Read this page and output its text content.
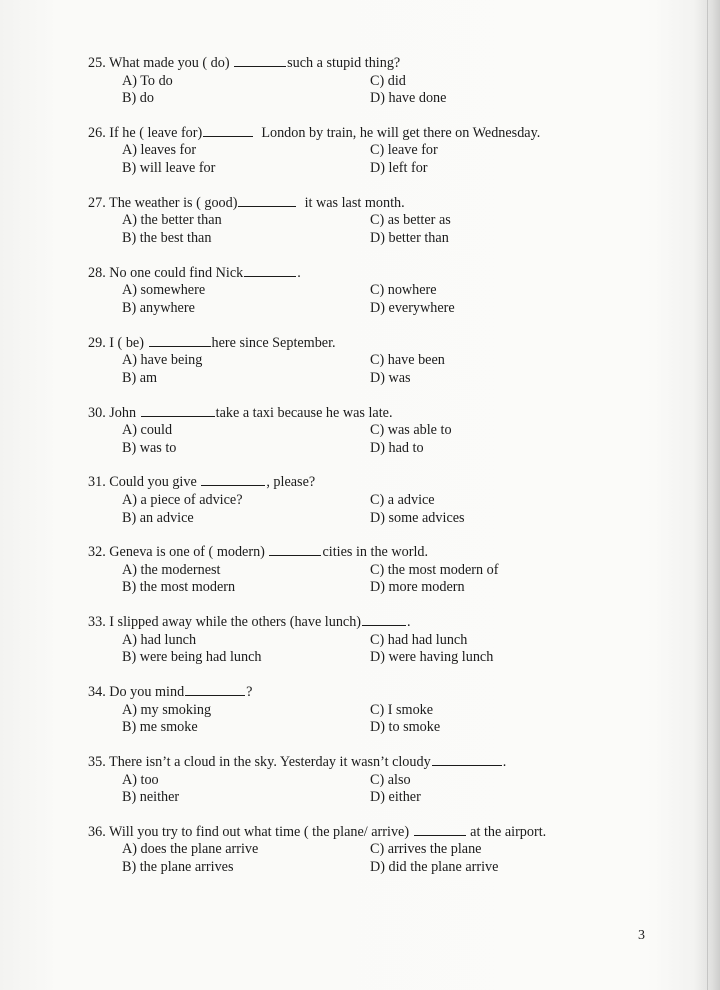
25. What made you ( do)	such a stupid thing?
A) To do
B) do
C) did
D) have done
26. If he ( leave for)	London by train, he will get there on Wednesday.
A) leaves for
B) will leave for
C) leave for
D) left for
27. The weather is ( good)	it was last month.
A) the better than
B) the best than
C) as better as
D) better than
28. No one could find Nick	.
A) somewhere
B) anywhere
C) nowhere
D) everywhere
29. I ( be)	here since September.
A) have being
B) am
C) have been
D) was
30. John	take a taxi because he was late.
A) could
B) was to
C) was able to
D) had to
31. Could you give	, please?
A) a piece of advice?
B) an advice
C) a advice
D) some advices
32. Geneva is one of ( modern)	cities in the world.
A) the modernest
B) the most modern
C) the most modern of
D) more modern
33. I slipped away while the others (have lunch)	.
A) had lunch
B) were being had lunch
C) had had lunch
D) were having lunch
34. Do you mind	?
A) my smoking
B) me smoke
C) I smoke
D) to smoke
35. There isn’t a cloud in the sky. Yesterday it wasn’t cloudy	.
A) too
B) neither
C) also
D) either
36. Will you try to find out what time ( the plane/ arrive)	at the airport.
A) does the plane arrive
B) the plane arrives
C) arrives the plane
D) did the plane arrive
3
